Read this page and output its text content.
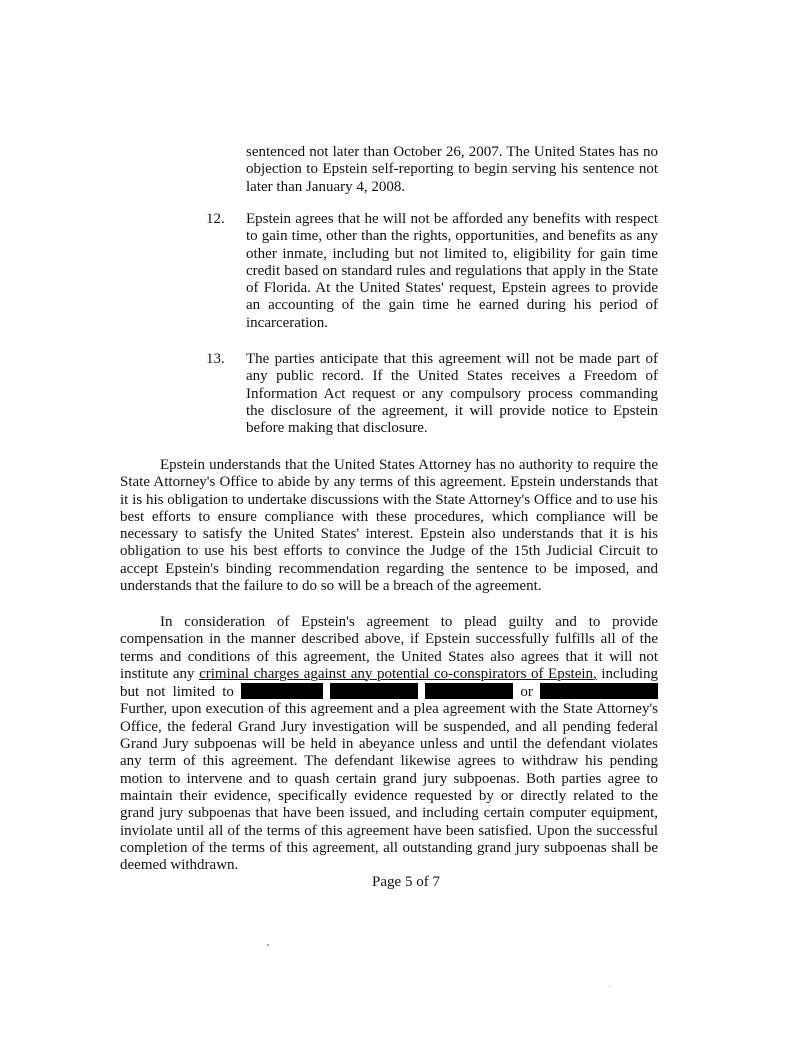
sentenced not later than October 26, 2007. The United States has no objection to Epstein self-reporting to begin serving his sentence not later than January 4, 2008.
12. Epstein agrees that he will not be afforded any benefits with respect to gain time, other than the rights, opportunities, and benefits as any other inmate, including but not limited to, eligibility for gain time credit based on standard rules and regulations that apply in the State of Florida. At the United States' request, Epstein agrees to provide an accounting of the gain time he earned during his period of incarceration.
13. The parties anticipate that this agreement will not be made part of any public record. If the United States receives a Freedom of Information Act request or any compulsory process commanding the disclosure of the agreement, it will provide notice to Epstein before making that disclosure.
Epstein understands that the United States Attorney has no authority to require the State Attorney's Office to abide by any terms of this agreement. Epstein understands that it is his obligation to undertake discussions with the State Attorney's Office and to use his best efforts to ensure compliance with these procedures, which compliance will be necessary to satisfy the United States' interest. Epstein also understands that it is his obligation to use his best efforts to convince the Judge of the 15th Judicial Circuit to accept Epstein's binding recommendation regarding the sentence to be imposed, and understands that the failure to do so will be a breach of the agreement.
In consideration of Epstein's agreement to plead guilty and to provide compensation in the manner described above, if Epstein successfully fulfills all of the terms and conditions of this agreement, the United States also agrees that it will not institute any criminal charges against any potential co-conspirators of Epstein, including but not limited to	or  Further, upon execution of this agreement and a plea agreement with the State Attorney's Office, the federal Grand Jury investigation will be suspended, and all pending federal Grand Jury subpoenas will be held in abeyance unless and until the defendant violates any term of this agreement. The defendant likewise agrees to withdraw his pending motion to intervene and to quash certain grand jury subpoenas. Both parties agree to maintain their evidence, specifically evidence requested by or directly related to the grand jury subpoenas that have been issued, and including certain computer equipment, inviolate until all of the terms of this agreement have been satisfied. Upon the successful completion of the terms of this agreement, all outstanding grand jury subpoenas shall be deemed withdrawn.
Page 5 of 7
